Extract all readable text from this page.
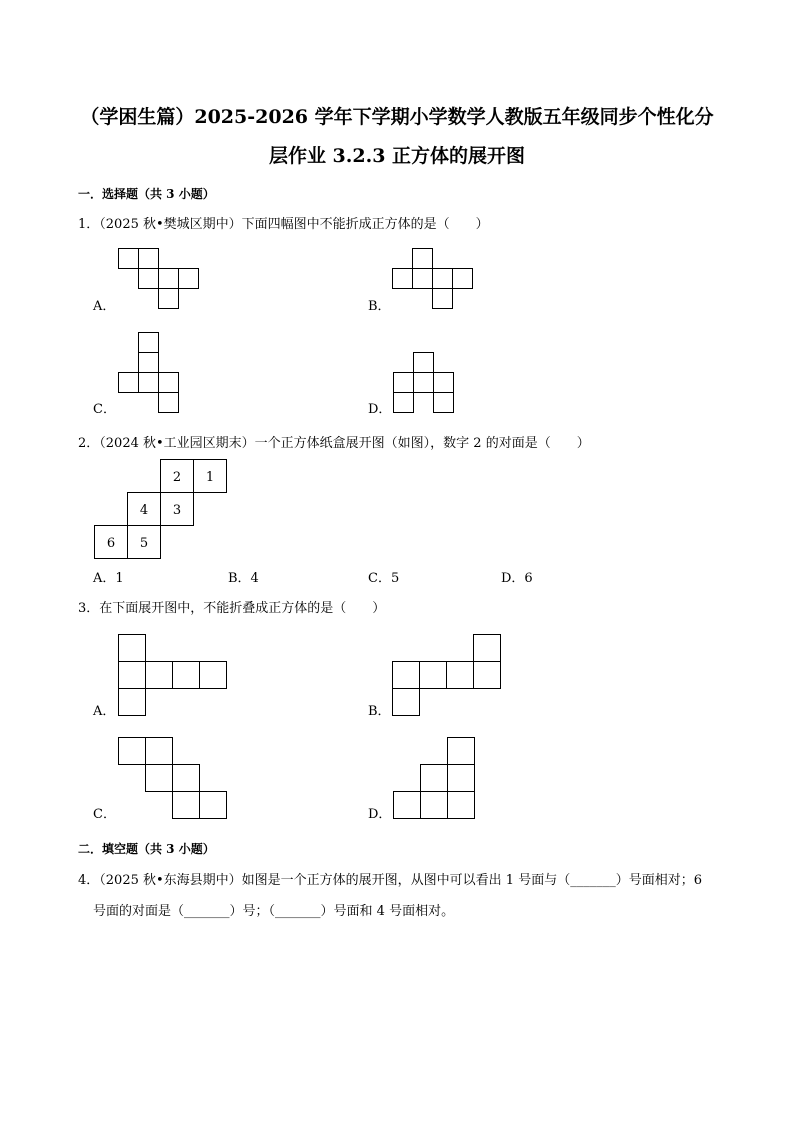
（学困生篇）2025-2026 学年下学期小学数学人教版五年级同步个性化分
层作业 3.2.3 正方体的展开图
一．选择题（共 3 小题）
1．（2025 秋•樊城区期中）下面四幅图中不能折成正方体的是（　　）
A．	B．
C．	D．
2．（2024 秋•工业园区期末）一个正方体纸盒展开图（如图），数字 2 的对面是（　　）
2 1
4 3
6 5
A．1	B．4	C．5	D．6
3．在下面展开图中，不能折叠成正方体的是（　　）
A．	B．
C．	D．
二．填空题（共 3 小题）
4．（2025 秋•东海县期中）如图是一个正方体的展开图，从图中可以看出 1 号面与（_______）号面相对；6
号面的对面是（_______）号；（_______）号面和 4 号面相对。
